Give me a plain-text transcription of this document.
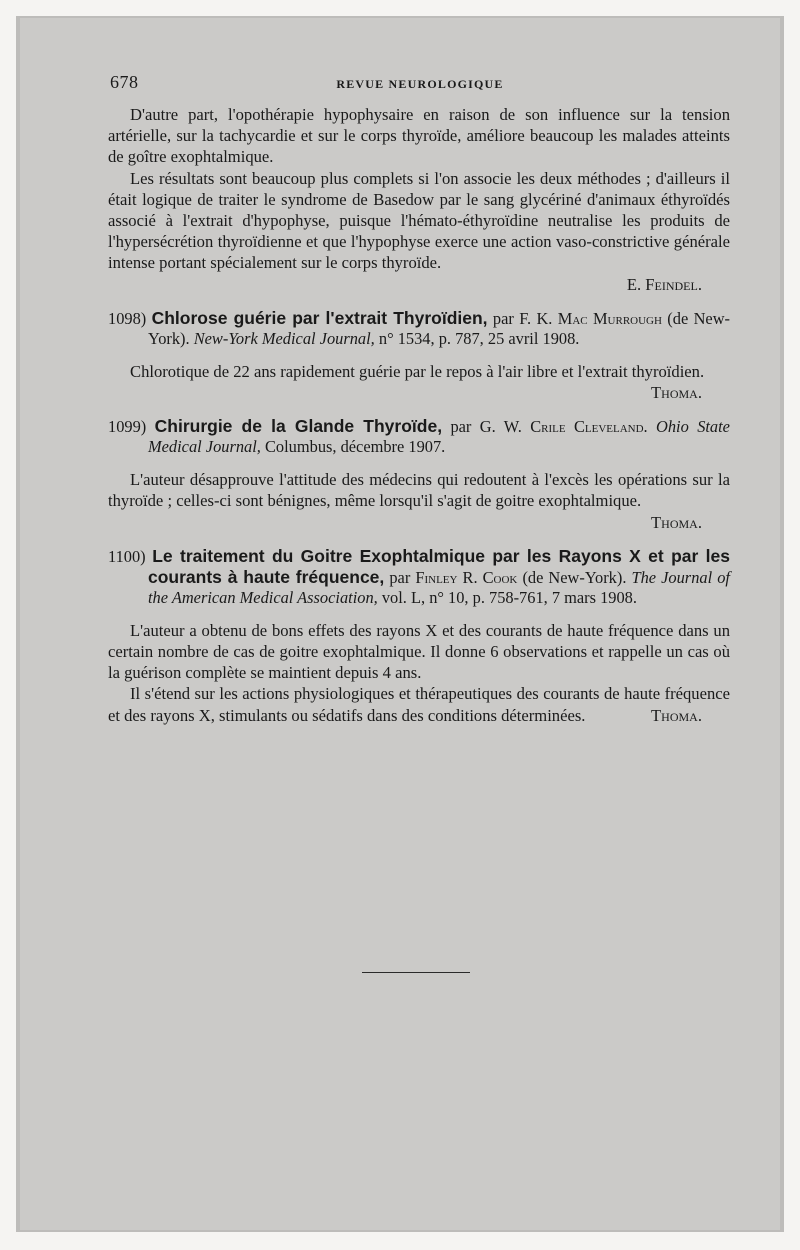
678	REVUE NEUROLOGIQUE

D'autre part, l'opothérapie hypophysaire en raison de son influence sur la tension artérielle, sur la tachycardie et sur le corps thyroïde, améliore beaucoup les malades atteints de goître exophtalmique.

Les résultats sont beaucoup plus complets si l'on associe les deux méthodes ; d'ailleurs il était logique de traiter le syndrome de Basedow par le sang glycériné d'animaux éthyroïdés associé à l'extrait d'hypophyse, puisque l'hémato-éthyroïdine neutralise les produits de l'hypersécrétion thyroïdienne et que l'hypophyse exerce une action vaso-constrictive générale intense portant spécialement sur le corps thyroïde.
E. Feindel.
1098) Chlorose guérie par l'extrait Thyroïdien, par F. K. Mac Murrough (de New-York). New-York Medical Journal, n° 1534, p. 787, 25 avril 1908.

Chlorotique de 22 ans rapidement guérie par le repos à l'air libre et l'extrait thyroïdien.

Thoma.
1099) Chirurgie de la Glande Thyroïde, par G. W. Crile Cleveland. Ohio State Medical Journal, Columbus, décembre 1907.

L'auteur désapprouve l'attitude des médecins qui redoutent à l'excès les opérations sur la thyroïde ; celles-ci sont bénignes, même lorsqu'il s'agit de goitre exophtalmique.

Thoma.
1100) Le traitement du Goitre Exophtalmique par les Rayons X et par les courants à haute fréquence, par Finley R. Cook (de New-York). The Journal of the American Medical Association, vol. L, n° 10, p. 758-761, 7 mars 1908.

L'auteur a obtenu de bons effets des rayons X et des courants de haute fréquence dans un certain nombre de cas de goitre exophtalmique. Il donne 6 observations et rappelle un cas où la guérison complète se maintient depuis 4 ans.

Il s'étend sur les actions physiologiques et thérapeutiques des courants de haute fréquence et des rayons X, stimulants ou sédatifs dans des conditions déterminées.	Thoma.
